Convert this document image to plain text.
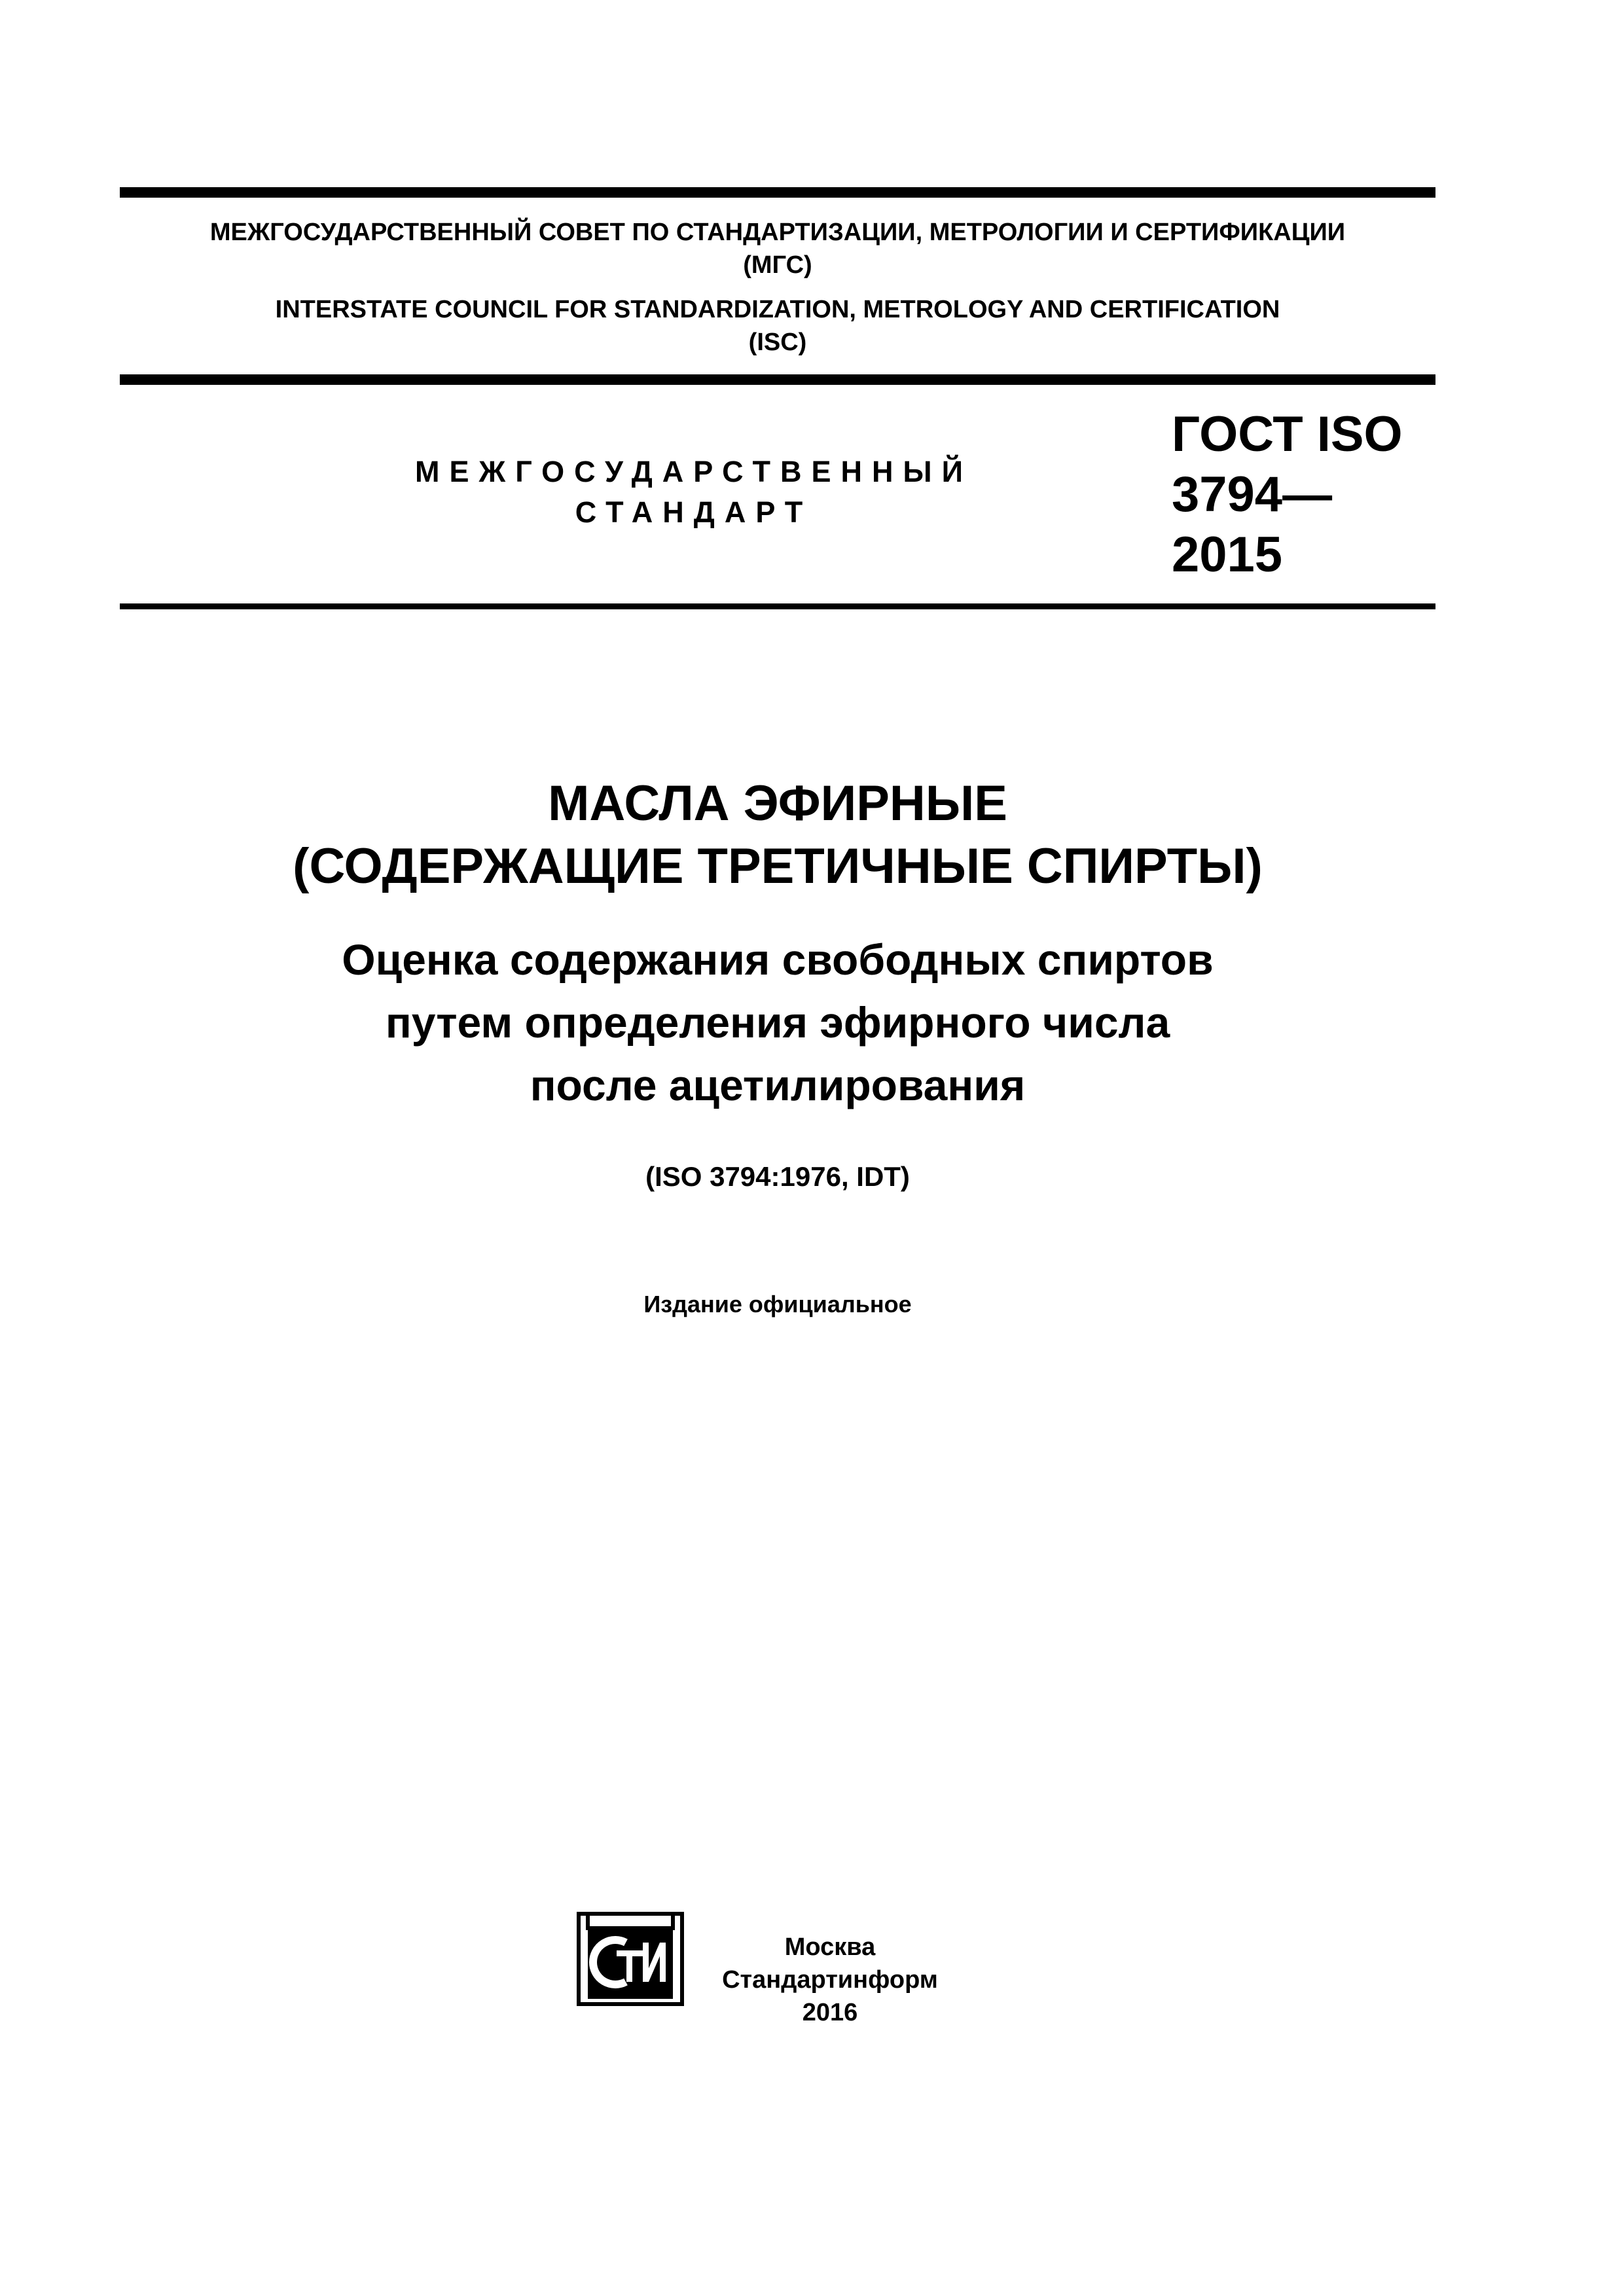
МЕЖГОСУДАРСТВЕННЫЙ СОВЕТ ПО СТАНДАРТИЗАЦИИ, МЕТРОЛОГИИ И СЕРТИФИКАЦИИ
(МГС)
INTERSTATE COUNCIL FOR STANDARDIZATION, METROLOGY AND CERTIFICATION
(ISC)
МЕЖГОСУДАРСТВЕННЫЙ
СТАНДАРТ
ГОСТ ISO
3794—
2015
МАСЛА ЭФИРНЫЕ
(СОДЕРЖАЩИЕ ТРЕТИЧНЫЕ СПИРТЫ)
Оценка содержания свободных спиртов
путем определения эфирного числа
после ацетилирования
(ISO 3794:1976, IDT)
Издание официальное
Москва
Стандартинформ
2016
